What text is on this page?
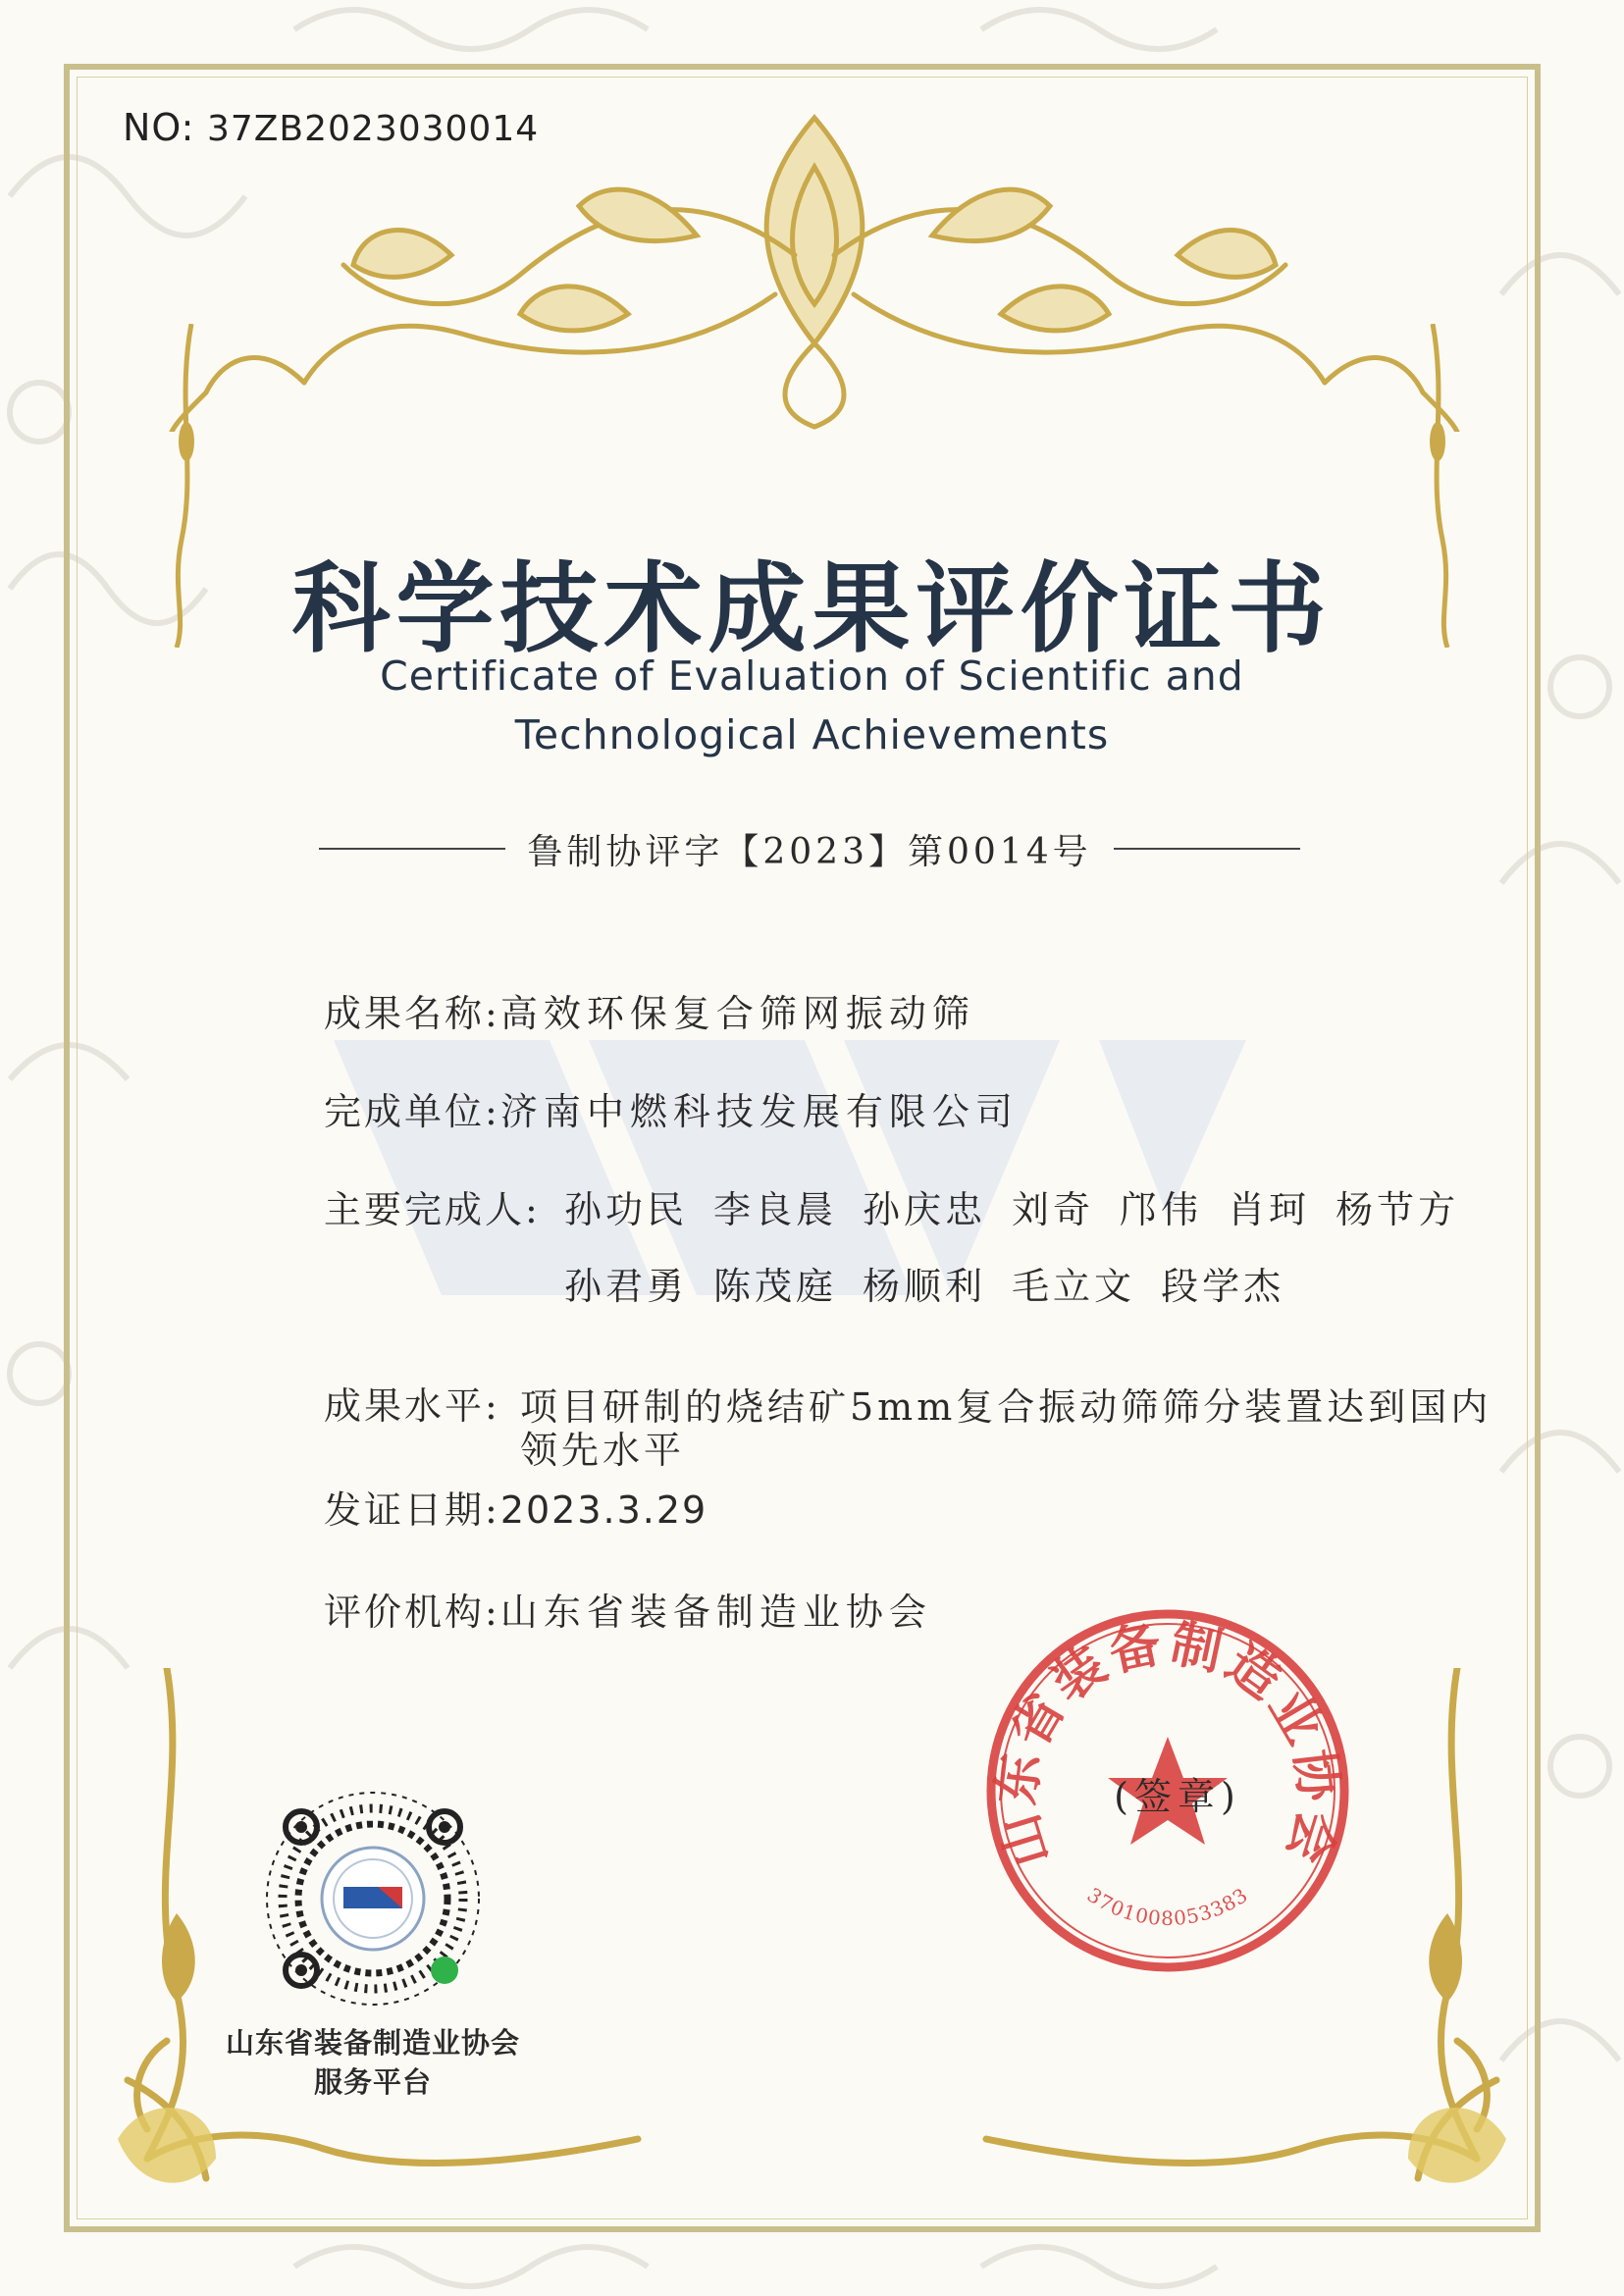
NO: 37ZB2023030014
科学技术成果评价证书
Certificate of Evaluation of Scientific and
Technological Achievements
鲁制协评字【2023】第0014号
成果名称:高效环保复合筛网振动筛
完成单位:济南中燃科技发展有限公司
主要完成人: 孙功民 李良晨 孙庆忠 刘奇 邝伟 肖珂 杨节方
孙君勇 陈茂庭 杨顺利 毛立文 段学杰
成果水平: 项目研制的烧结矿5mm复合振动筛筛分装置达到国内领先水平
发证日期:2023.3.29
评价机构:山东省装备制造业协会
山东省装备制造业协会
服务平台
山东省装备制造业协会
3701008053383
(签章)
